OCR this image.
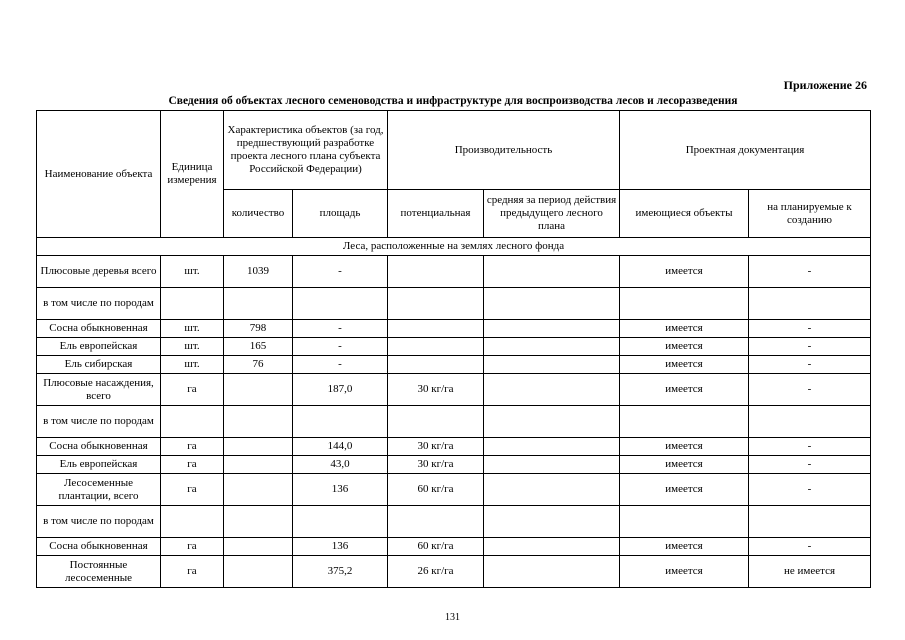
Приложение 26
Сведения об объектах лесного семеноводства и инфраструктуре для воспроизводства лесов и лесоразведения
Наименование объекта	Единица измерения	Характеристика объектов (за год, предшествующий разработке проекта лесного плана субъекта Российской Федерации)		Производительность		Проектная документация	
		количество	площадь	потенциальная	средняя за период действия предыдущего лесного плана	имеющиеся объекты	на планируемые к созданию
Леса, расположенные на землях лесного фонда							
Плюсовые деревья всего	шт.	1039	-			имеется	-
в том числе по породам							
Сосна обыкновенная	шт.	798	-			имеется	-
Ель европейская	шт.	165	-			имеется	-
Ель сибирская	шт.	76	-			имеется	-
Плюсовые насаждения, всего	га		187,0	30 кг/га		имеется	-
в том числе по породам							
Сосна обыкновенная	га		144,0	30 кг/га		имеется	-
Ель европейская	га		43,0	30 кг/га		имеется	-
Лесосеменные плантации, всего	га		136	60 кг/га		имеется	-
в том числе по породам							
Сосна обыкновенная	га		136	60 кг/га		имеется	-
Постоянные лесосеменные	га		375,2	26 кг/га		имеется	не имеется
131
